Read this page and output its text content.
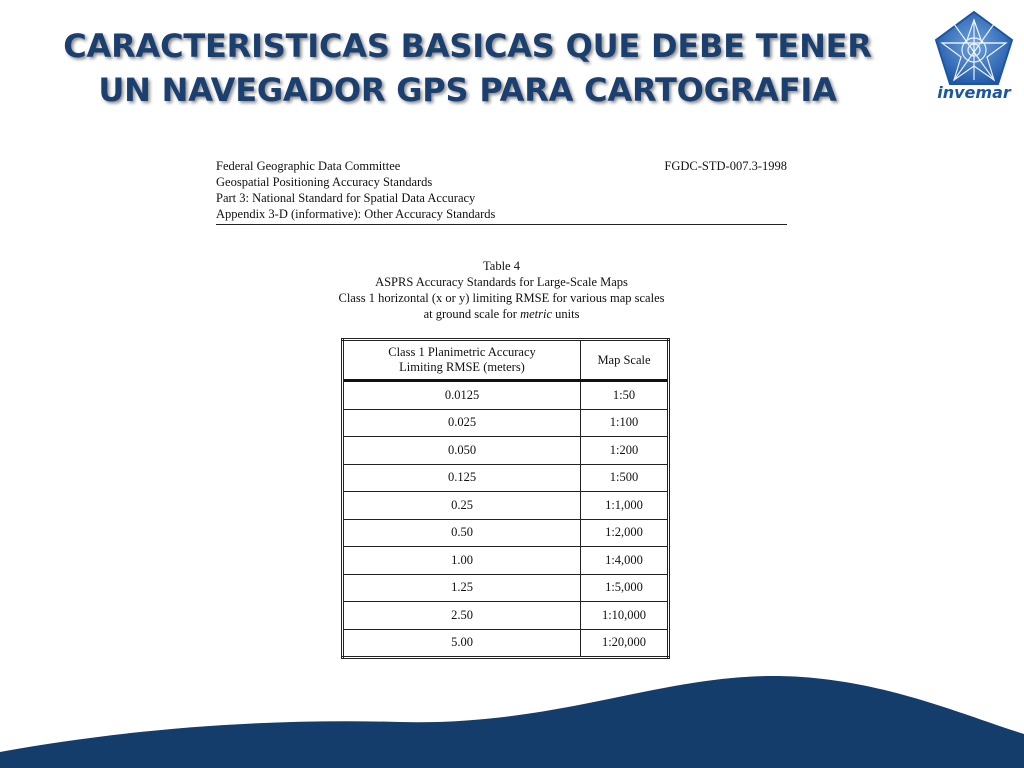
CARACTERISTICAS BASICAS QUE DEBE TENER
UN NAVEGADOR GPS PARA CARTOGRAFIA	invemar
Federal Geographic Data Committee
Geospatial Positioning Accuracy Standards
Part 3: National Standard for Spatial Data Accuracy
Appendix 3-D (informative): Other Accuracy Standards
FGDC-STD-007.3-1998
Table 4
ASPRS Accuracy Standards for Large-Scale Maps
Class 1 horizontal (x or y) limiting RMSE for various map scales
at ground scale for metric units
Class 1 Planimetric Accuracy
Limiting RMSE (meters)	Map Scale
0.0125	1:50
0.025	1:100
0.050	1:200
0.125	1:500
0.25	1:1,000
0.50	1:2,000
1.00	1:4,000
1.25	1:5,000
2.50	1:10,000
5.00	1:20,000
